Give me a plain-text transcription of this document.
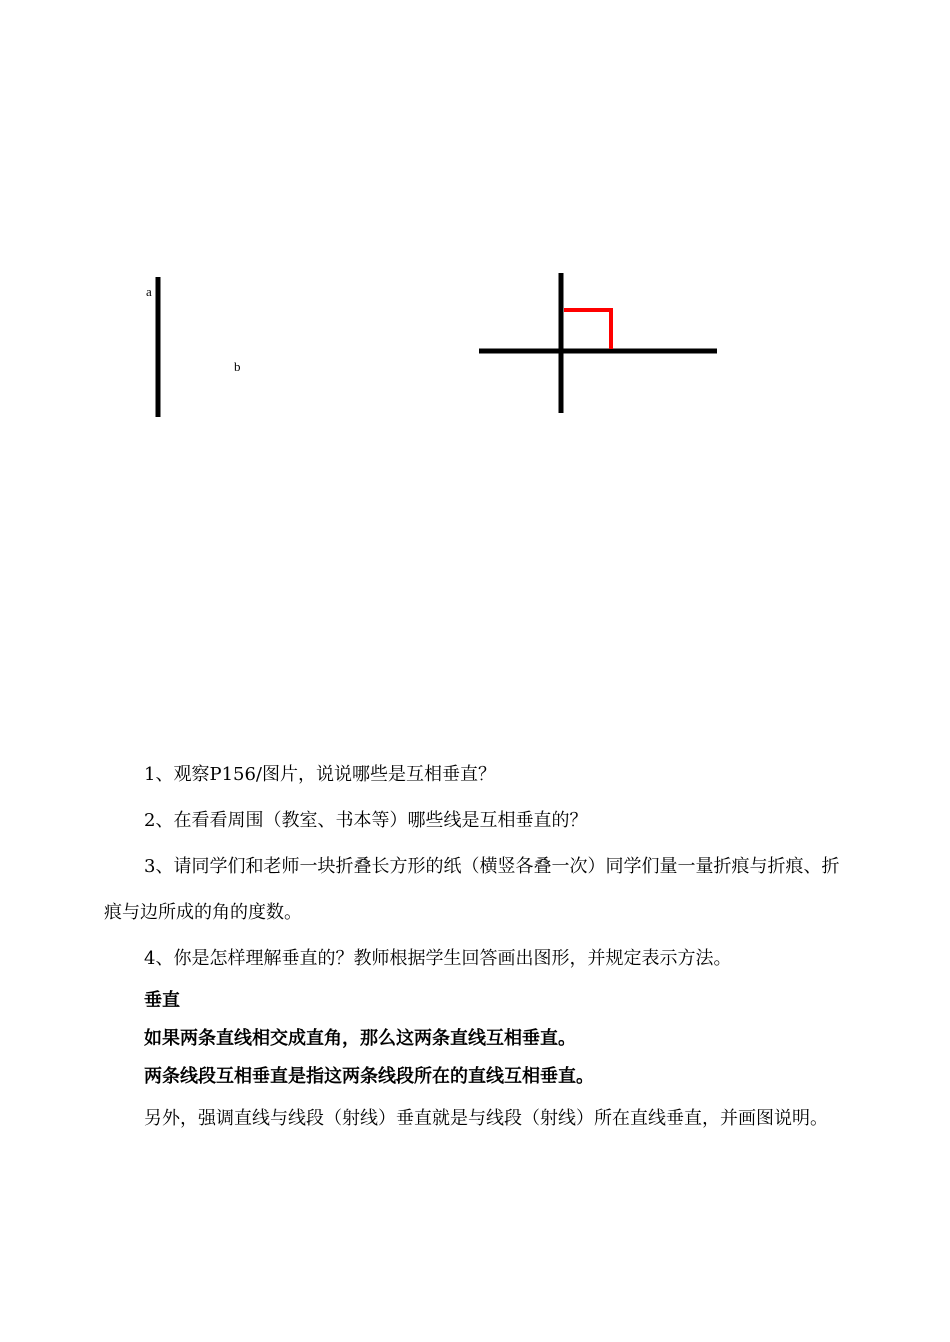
a
b

1、观察P156/图片，说说哪些是互相垂直？

2、在看看周围（教室、书本等）哪些线是互相垂直的？

3、请同学们和老师一块折叠长方形的纸（横竖各叠一次）同学们量一量折痕与折痕、折痕与边所成的角的度数。

4、你是怎样理解垂直的？教师根据学生回答画出图形，并规定表示方法。

垂直

如果两条直线相交成直角，那么这两条直线互相垂直。

两条线段互相垂直是指这两条线段所在的直线互相垂直。

另外，强调直线与线段（射线）垂直就是与线段（射线）所在直线垂直，并画图说明。
